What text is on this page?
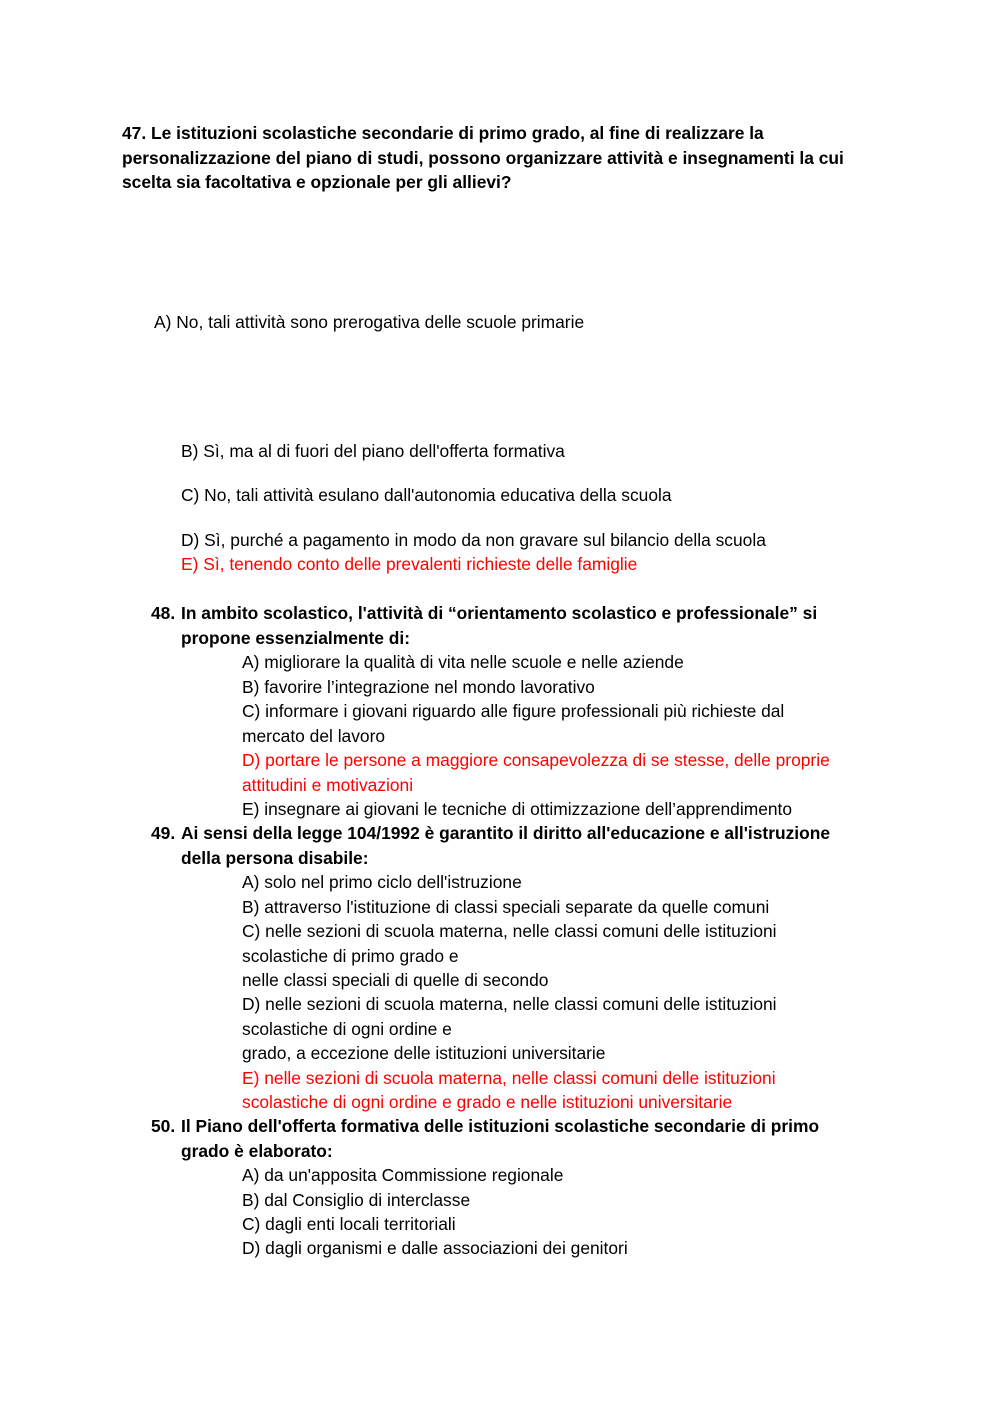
47. Le istituzioni scolastiche secondarie di primo grado, al fine di realizzare la personalizzazione del piano di studi, possono organizzare attività e insegnamenti la cui scelta sia facoltativa e opzionale per gli allievi?
A) No, tali attività sono prerogativa delle scuole primarie
B) Sì, ma al di fuori del piano dell'offerta formativa
C) No, tali attività esulano dall'autonomia educativa della scuola
D) Sì, purché a pagamento in modo da non gravare sul bilancio della scuola
E) Sì, tenendo conto delle prevalenti richieste delle famiglie
48. In ambito scolastico, l'attività di “orientamento scolastico e professionale” si
propone essenzialmente di:
A) migliorare la qualità di vita nelle scuole e nelle aziende
B) favorire l’integrazione nel mondo lavorativo
C) informare i giovani riguardo alle figure professionali più richieste dal
mercato del lavoro
D) portare le persone a maggiore consapevolezza di se stesse, delle proprie
attitudini e motivazioni
E) insegnare ai giovani le tecniche di ottimizzazione dell’apprendimento
49. Ai sensi della legge 104/1992 è garantito il diritto all'educazione e all'istruzione
della persona disabile:
A) solo nel primo ciclo dell'istruzione
B) attraverso l'istituzione di classi speciali separate da quelle comuni
C) nelle sezioni di scuola materna, nelle classi comuni delle istituzioni
scolastiche di primo grado e
nelle classi speciali di quelle di secondo
D) nelle sezioni di scuola materna, nelle classi comuni delle istituzioni
scolastiche di ogni ordine e
grado, a eccezione delle istituzioni universitarie
E) nelle sezioni di scuola materna, nelle classi comuni delle istituzioni
scolastiche di ogni ordine e grado e nelle istituzioni universitarie
50. Il Piano dell'offerta formativa delle istituzioni scolastiche secondarie di primo
grado è elaborato:
A) da un'apposita Commissione regionale
B) dal Consiglio di interclasse
C) dagli enti locali territoriali
D) dagli organismi e dalle associazioni dei genitori
